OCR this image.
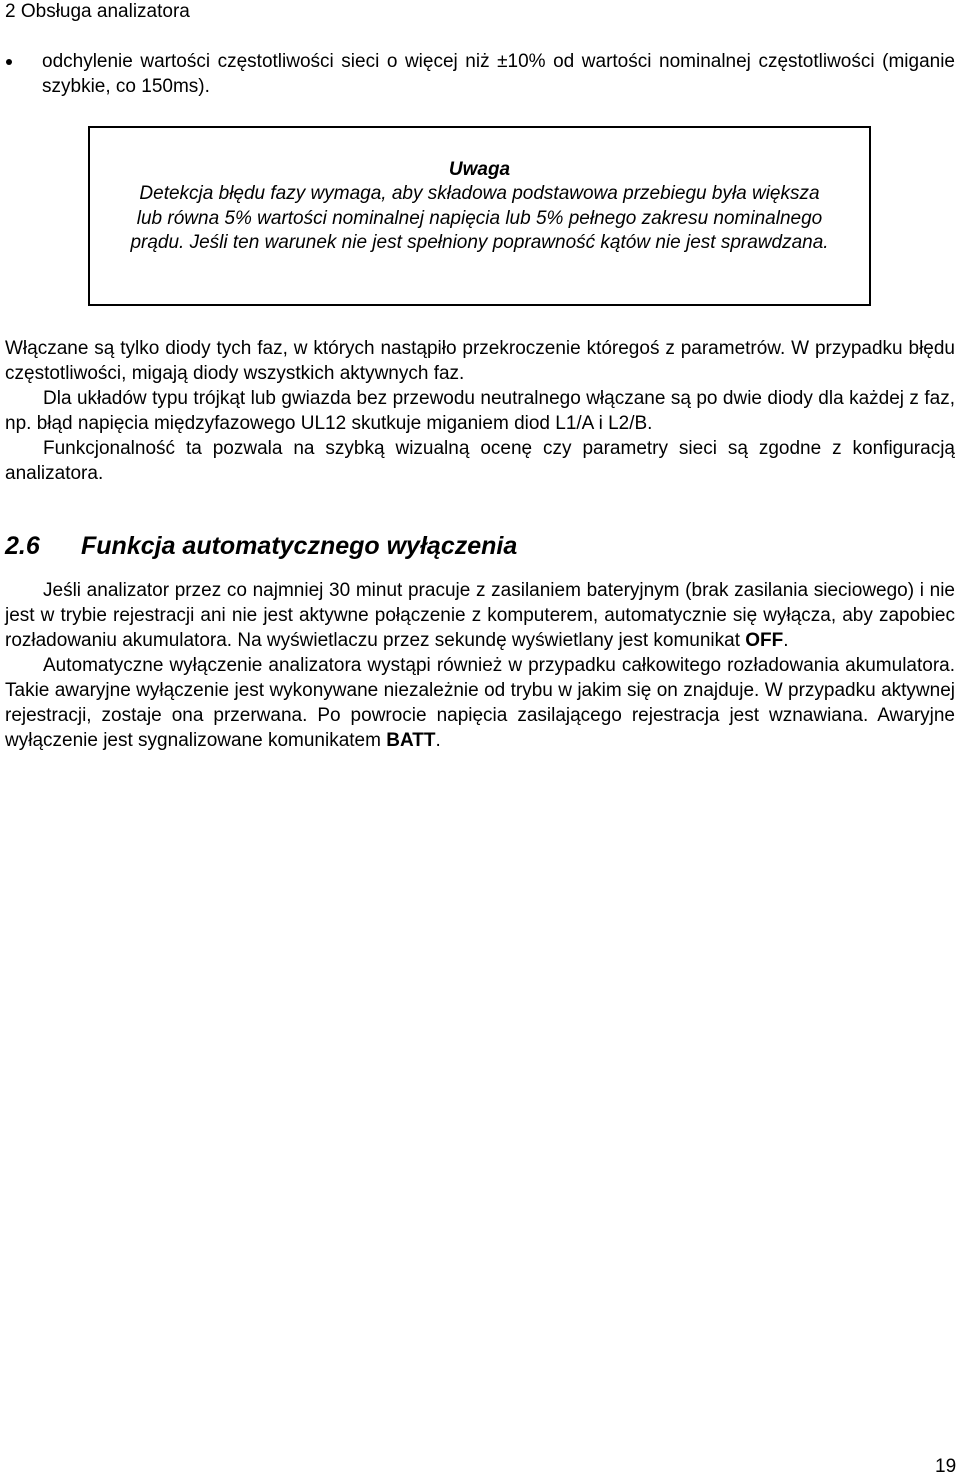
2 Obsługa analizatora
odchylenie wartości częstotliwości sieci o więcej niż ±10% od wartości nominalnej częstotliwości (miganie szybkie, co 150ms).
Uwaga
Detekcja błędu fazy wymaga, aby składowa podstawowa przebiegu była większa lub równa 5% wartości nominalnej napięcia lub 5% pełnego zakresu nominalnego prądu. Jeśli ten warunek nie jest spełniony poprawność kątów nie jest sprawdzana.

Włączane są tylko diody tych faz, w których nastąpiło przekroczenie któregoś z parametrów. W przypadku błędu częstotliwości, migają diody wszystkich aktywnych faz.

Dla układów typu trójkąt lub gwiazda bez przewodu neutralnego włączane są po dwie diody dla każdej z faz, np. błąd napięcia międzyfazowego UL12 skutkuje miganiem diod L1/A i L2/B.

Funkcjonalność ta pozwala na szybką wizualną ocenę czy parametry sieci są zgodne z konfiguracją analizatora.

2.6 Funkcja automatycznego wyłączenia

Jeśli analizator przez co najmniej 30 minut pracuje z zasilaniem bateryjnym (brak zasilania sieciowego) i nie jest w trybie rejestracji ani nie jest aktywne połączenie z komputerem, automatycznie się wyłącza, aby zapobiec rozładowaniu akumulatora. Na wyświetlaczu przez sekundę wyświetlany jest komunikat OFF.

Automatyczne wyłączenie analizatora wystąpi również w przypadku całkowitego rozładowania akumulatora. Takie awaryjne wyłączenie jest wykonywane niezależnie od trybu w jakim się on znajduje. W przypadku aktywnej rejestracji, zostaje ona przerwana. Po powrocie napięcia zasilającego rejestracja jest wznawiana. Awaryjne wyłączenie jest sygnalizowane komunikatem BATT.

19
